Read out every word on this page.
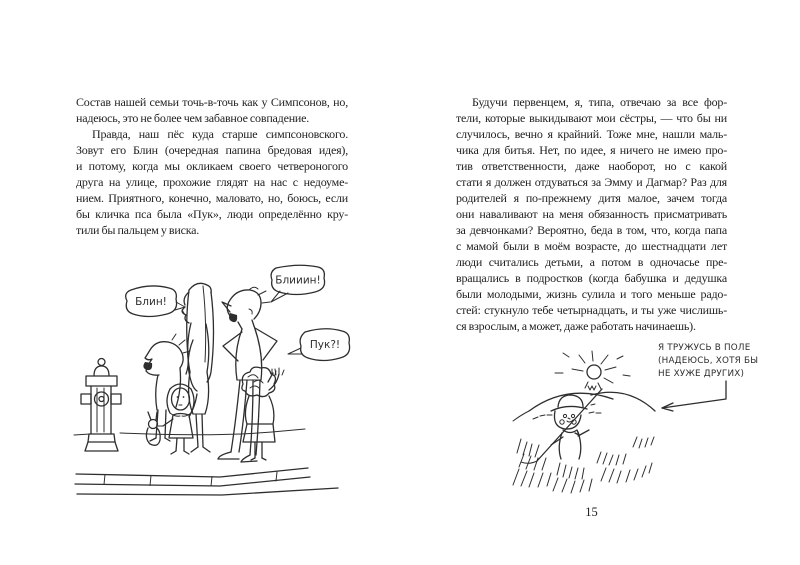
Состав нашей семьи точь-в-точь как у Симпсонов, но,
надеюсь, это не более чем забавное совпадение.
Правда, наш пёс куда старше симпсоновского.
Зовут его Блин (очередная папина бредовая идея),
и потому, когда мы окликаем своего четвероногого
друга на улице, прохожие глядят на нас с недоуме-
нием. Приятного, конечно, маловато, но, боюсь, если
бы кличка пса была «Пук», люди определённо кру-
тили бы пальцем у виска.
Блин!
Блииин!
Пук?!
Будучи первенцем, я, типа, отвечаю за все фор-
тели, которые выкидывают мои сёстры, — что бы ни
случилось, вечно я крайний. Тоже мне, нашли маль-
чика для битья. Нет, по идее, я ничего не имею про-
тив ответственности, даже наоборот, но с какой
стати я должен отдуваться за Эмму и Дагмар? Раз для
родителей я по-прежнему дитя малое, зачем тогда
они наваливают на меня обязанность присматривать
за девчонками? Вероятно, беда в том, что, когда папа
с мамой были в моём возрасте, до шестнадцати лет
люди считались детьми, а потом в одночасье пре-
вращались в подростков (когда бабушка и дедушка
были молодыми, жизнь сулила и того меньше радо-
стей: стукнуло тебе четырнадцать, и ты уже числишь-
ся взрослым, а может, даже работать начинаешь).
Я ТРУЖУСЬ В ПОЛЕ
(НАДЕЮСЬ, ХОТЯ БЫ
НЕ ХУЖЕ ДРУГИХ)
15
